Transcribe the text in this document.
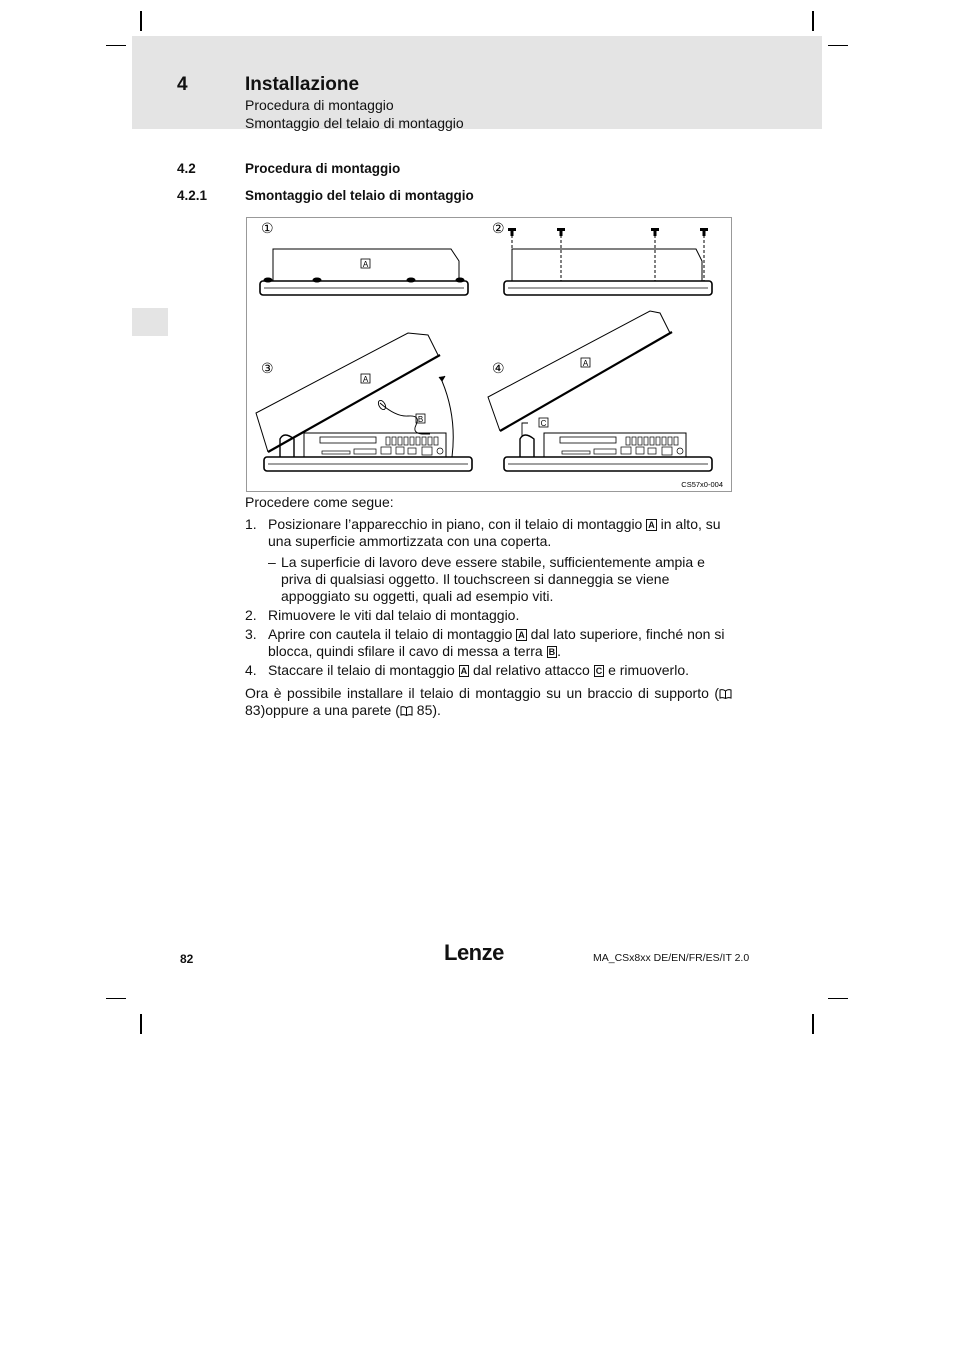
4	Installazione
Procedura di montaggio
Smontaggio del telaio di montaggio
4.2	Procedura di montaggio
4.2.1	Smontaggio del telaio di montaggio
①
A
②
③
A
B
④	A
C
CS57x0-004

Procedere come segue:

1. Posizionare l’apparecchio in piano, con il telaio di montaggio A in alto, su una superficie ammortizzata con una coperta.
– La superficie di lavoro deve essere stabile, sufficientemente ampia e priva di qualsiasi oggetto. Il touchscreen si danneggia se viene appoggiato su oggetti, quali ad esempio viti.
2. Rimuovere le viti dal telaio di montaggio.
3. Aprire con cautela il telaio di montaggio A dal lato superiore, finché non si blocca, quindi sfilare il cavo di messa a terra B .
4. Staccare il telaio di montaggio A dal relativo attacco C e rimuoverlo.

Ora è possibile installare il telaio di montaggio su un braccio di supporto ( 83)oppure a una parete ( 85).

82	Lenze	MA_CSx8xx DE/EN/FR/ES/IT 2.0
